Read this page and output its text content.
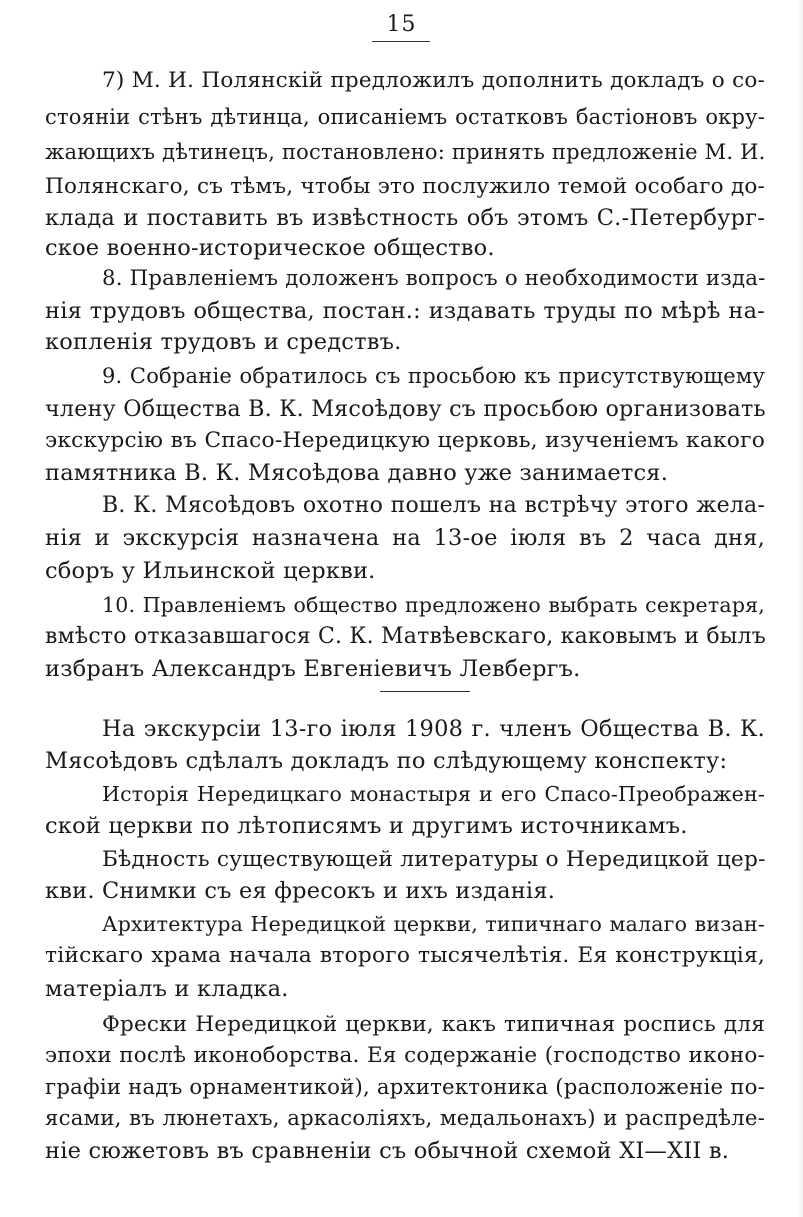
15
7) М. И. Полянскій предложилъ дополнить докладъ о со-
стояніи стѣнъ дѣтинца, описаніемъ остатковъ бастіоновъ окру-
жающихъ дѣтинецъ, постановлено: принять предложеніе М. И.
Полянскаго, съ тѣмъ, чтобы это послужило темой особаго до-
клада и поставить въ извѣстность объ этомъ С.-Петербург-
ское военно-историческое общество.
8. Правленіемъ доложенъ вопросъ о необходимости изда-
нія трудовъ общества, постан.: издавать труды по мѣрѣ на-
копленія трудовъ и средствъ.
9. Собраніе обратилось съ просьбою къ присутствующему
члену Общества В. К. Мясоѣдову съ просьбою организовать
экскурсію въ Спасо-Нередицкую церковь, изученіемъ какого
памятника В. К. Мясоѣдова давно уже занимается.
В. К. Мясоѣдовъ охотно пошелъ на встрѣчу этого жела-
нія и экскурсія назначена на 13-ое іюля въ 2 часа дня,
сборъ у Ильинской церкви.
10. Правленіемъ общество предложено выбрать секретаря,
вмѣсто отказавшагося С. К. Матвѣевскаго, каковымъ и былъ
избранъ Александръ Евгеніевичъ Левбергъ.
На экскурсіи 13-го іюля 1908 г. членъ Общества В. К.
Мясоѣдовъ сдѣлалъ докладъ по слѣдующему конспекту:
Исторія Нередицкаго монастыря и его Спасо-Преображен-
ской церкви по лѣтописямъ и другимъ источникамъ.
Бѣдность существующей литературы о Нередицкой цер-
кви. Снимки съ ея фресокъ и ихъ изданія.
Архитектура Нередицкой церкви, типичнаго малаго визан-
тійскаго храма начала второго тысячелѣтія. Ея конструкція,
матеріалъ и кладка.
Фрески Нередицкой церкви, какъ типичная роспись для
эпохи послѣ иконоборства. Ея содержаніе (господство иконо-
графіи надъ орнаментикой), архитектоника (расположеніе по-
ясами, въ люнетахъ, аркасоліяхъ, медальонахъ) и распредѣле-
ніе сюжетовъ въ сравненіи съ обычной схемой XI—XII в.
